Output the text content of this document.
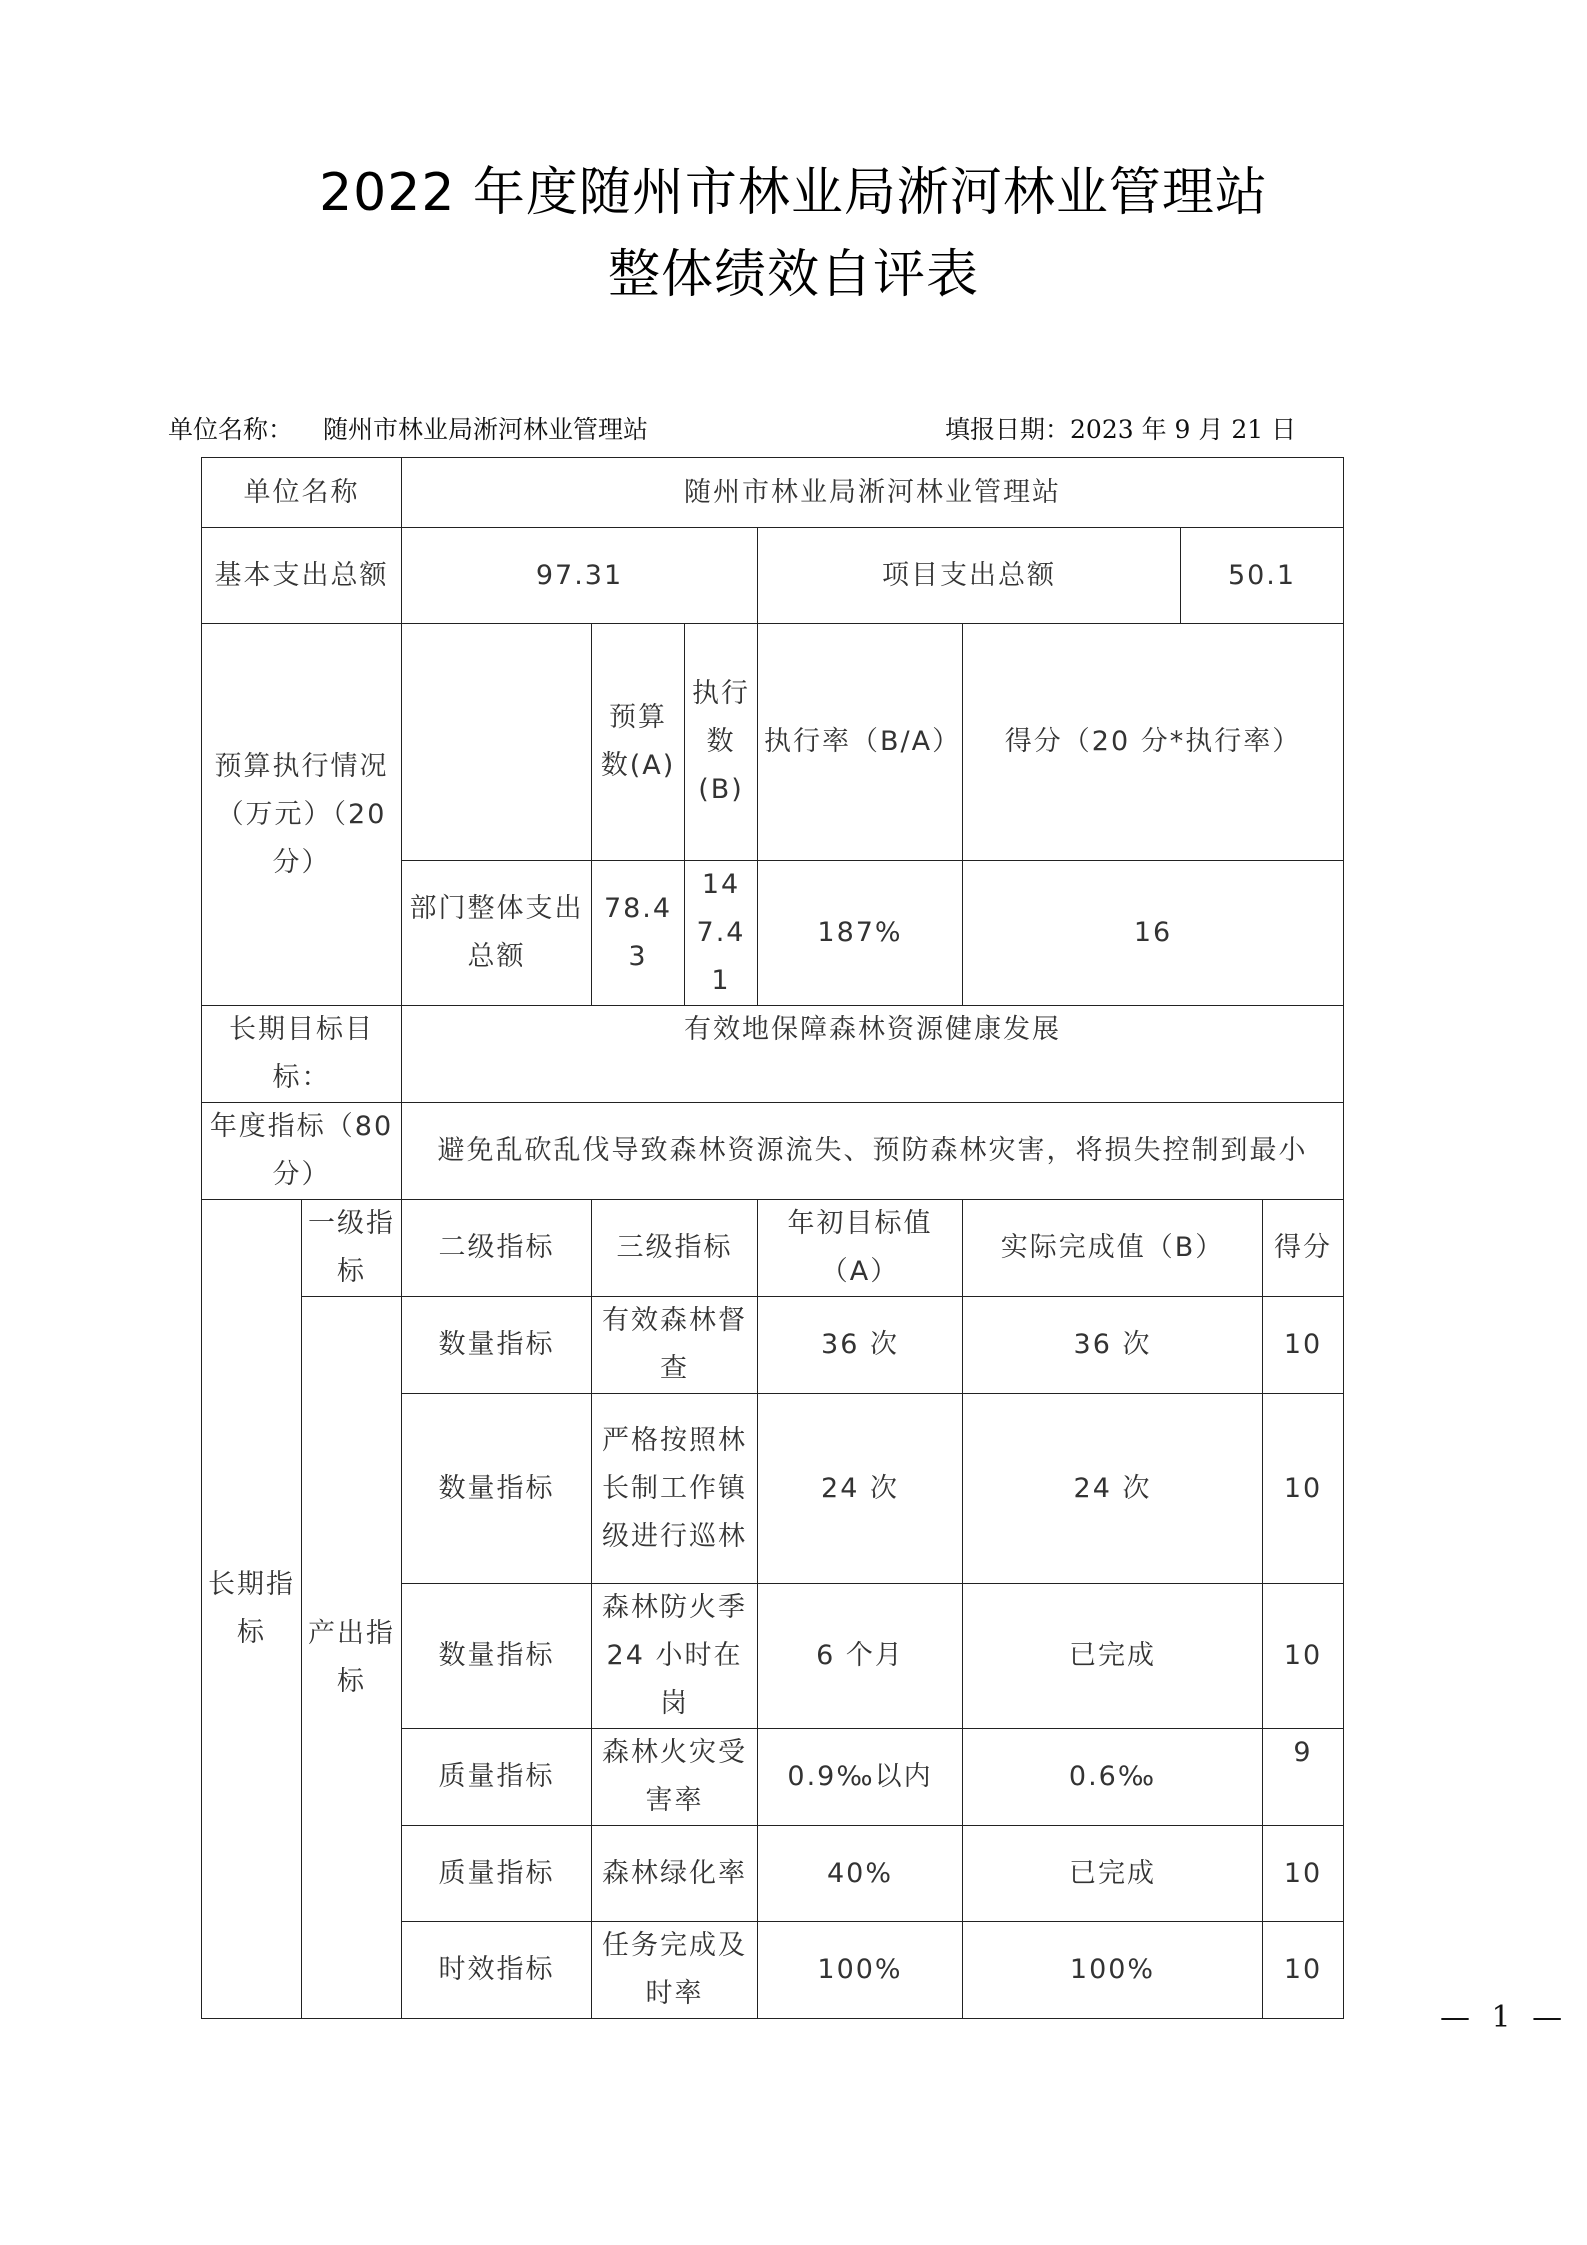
2022 年度随州市林业局淅河林业管理站
整体绩效自评表
单位名称： 随州市林业局淅河林业管理站	填报日期：2023 年 9 月 21 日
单位名称		随州市林业局淅河林业管理站						
基本支出总额		97.31			项目支出总额		50.1	
预算执行情况（万元）（20 分）			预算数(A)	执行数(B)	执行率（B/A）	得分（20 分*执行率）		
		部门整体支出总额	78.43	147.41	187%	16		
长期目标目标：		有效地保障森林资源健康发展						
年度指标（80 分）		避免乱砍乱伐导致森林资源流失、预防森林灾害，将损失控制到最小						
长期指标	一级指标	二级指标	三级指标		年初目标值（A）	实际完成值（B）		得分
	产出指标	数量指标	有效森林督查		36 次	36 次		10
		数量指标	严格按照林长制工作镇级进行巡林		24 次	24 次		10
		数量指标	森林防火季 24 小时在岗		6 个月	已完成		10
		质量指标	森林火灾受害率		0.9‰以内	0.6‰		9
		质量指标	森林绿化率		40%	已完成		10
		时效指标	任务完成及时率		100%	100%		10
— 1 —
